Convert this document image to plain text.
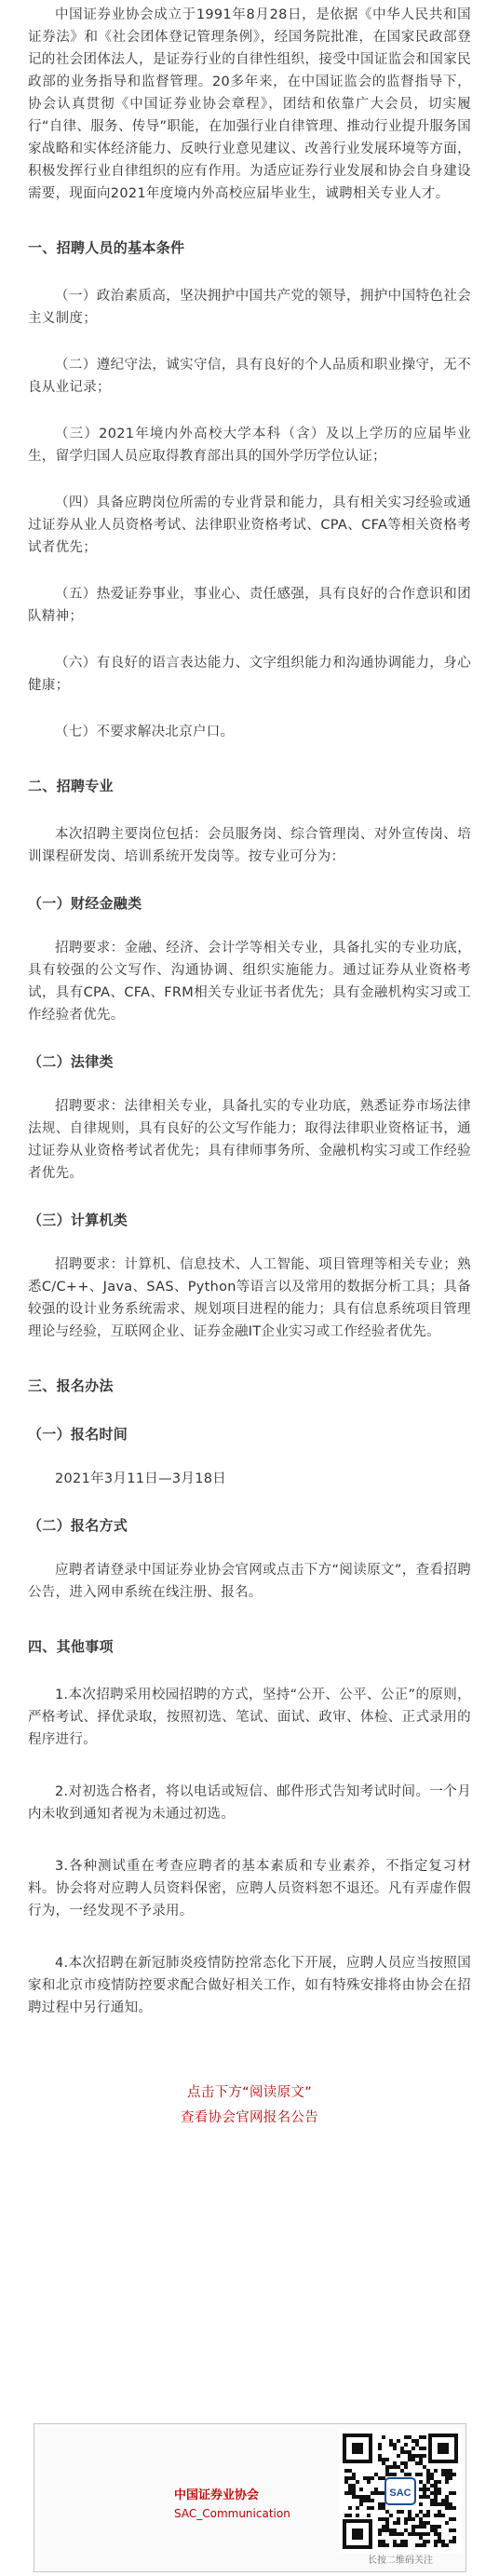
中国证券业协会成立于1991年8月28日，是依据《中华人民共和国证券法》和《社会团体登记管理条例》，经国务院批准，在国家民政部登记的社会团体法人，是证券行业的自律性组织，接受中国证监会和国家民政部的业务指导和监督管理。20多年来，在中国证监会的监督指导下，协会认真贯彻《中国证券业协会章程》，团结和依靠广大会员，切实履行“自律、服务、传导”职能，在加强行业自律管理、推动行业提升服务国家战略和实体经济能力、反映行业意见建议、改善行业发展环境等方面，积极发挥行业自律组织的应有作用。为适应证券行业发展和协会自身建设需要，现面向2021年度境内外高校应届毕业生，诚聘相关专业人才。

一、招聘人员的基本条件

（一）政治素质高，坚决拥护中国共产党的领导，拥护中国特色社会主义制度；

（二）遵纪守法，诚实守信，具有良好的个人品质和职业操守，无不良从业记录；

（三）2021年境内外高校大学本科（含）及以上学历的应届毕业生，留学归国人员应取得教育部出具的国外学历学位认证；

（四）具备应聘岗位所需的专业背景和能力，具有相关实习经验或通过证券从业人员资格考试、法律职业资格考试、CPA、CFA等相关资格考试者优先；

（五）热爱证券事业，事业心、责任感强，具有良好的合作意识和团队精神；

（六）有良好的语言表达能力、文字组织能力和沟通协调能力，身心健康；

（七）不要求解决北京户口。

二、招聘专业

本次招聘主要岗位包括：会员服务岗、综合管理岗、对外宣传岗、培训课程研发岗、培训系统开发岗等。按专业可分为：

（一）财经金融类

招聘要求：金融、经济、会计学等相关专业，具备扎实的专业功底，具有较强的公文写作、沟通协调、组织实施能力。通过证券从业资格考试，具有CPA、CFA、FRM相关专业证书者优先；具有金融机构实习或工作经验者优先。

（二）法律类

招聘要求：法律相关专业，具备扎实的专业功底，熟悉证券市场法律法规、自律规则，具有良好的公文写作能力；取得法律职业资格证书，通过证券从业资格考试者优先；具有律师事务所、金融机构实习或工作经验者优先。

（三）计算机类

招聘要求：计算机、信息技术、人工智能、项目管理等相关专业；熟悉C/C++、Java、SAS、Python等语言以及常用的数据分析工具；具备较强的设计业务系统需求、规划项目进程的能力；具有信息系统项目管理理论与经验，互联网企业、证券金融IT企业实习或工作经验者优先。

三、报名办法

（一）报名时间

2021年3月11日—3月18日

（二）报名方式

应聘者请登录中国证券业协会官网或点击下方“阅读原文”，查看招聘公告，进入网申系统在线注册、报名。

四、其他事项

1.本次招聘采用校园招聘的方式，坚持“公开、公平、公正”的原则，严格考试、择优录取，按照初选、笔试、面试、政审、体检、正式录用的程序进行。

2.对初选合格者，将以电话或短信、邮件形式告知考试时间。一个月内未收到通知者视为未通过初选。

3.各种测试重在考查应聘者的基本素质和专业素养，不指定复习材料。协会将对应聘人员资料保密，应聘人员资料恕不退还。凡有弄虚作假行为，一经发现不予录用。

4.本次招聘在新冠肺炎疫情防控常态化下开展，应聘人员应当按照国家和北京市疫情防控要求配合做好相关工作，如有特殊安排将由协会在招聘过程中另行通知。

点击下方“阅读原文”
查看协会官网报名公告
中国证券业协会
SAC_Communication
SAC
长按二维码关注
